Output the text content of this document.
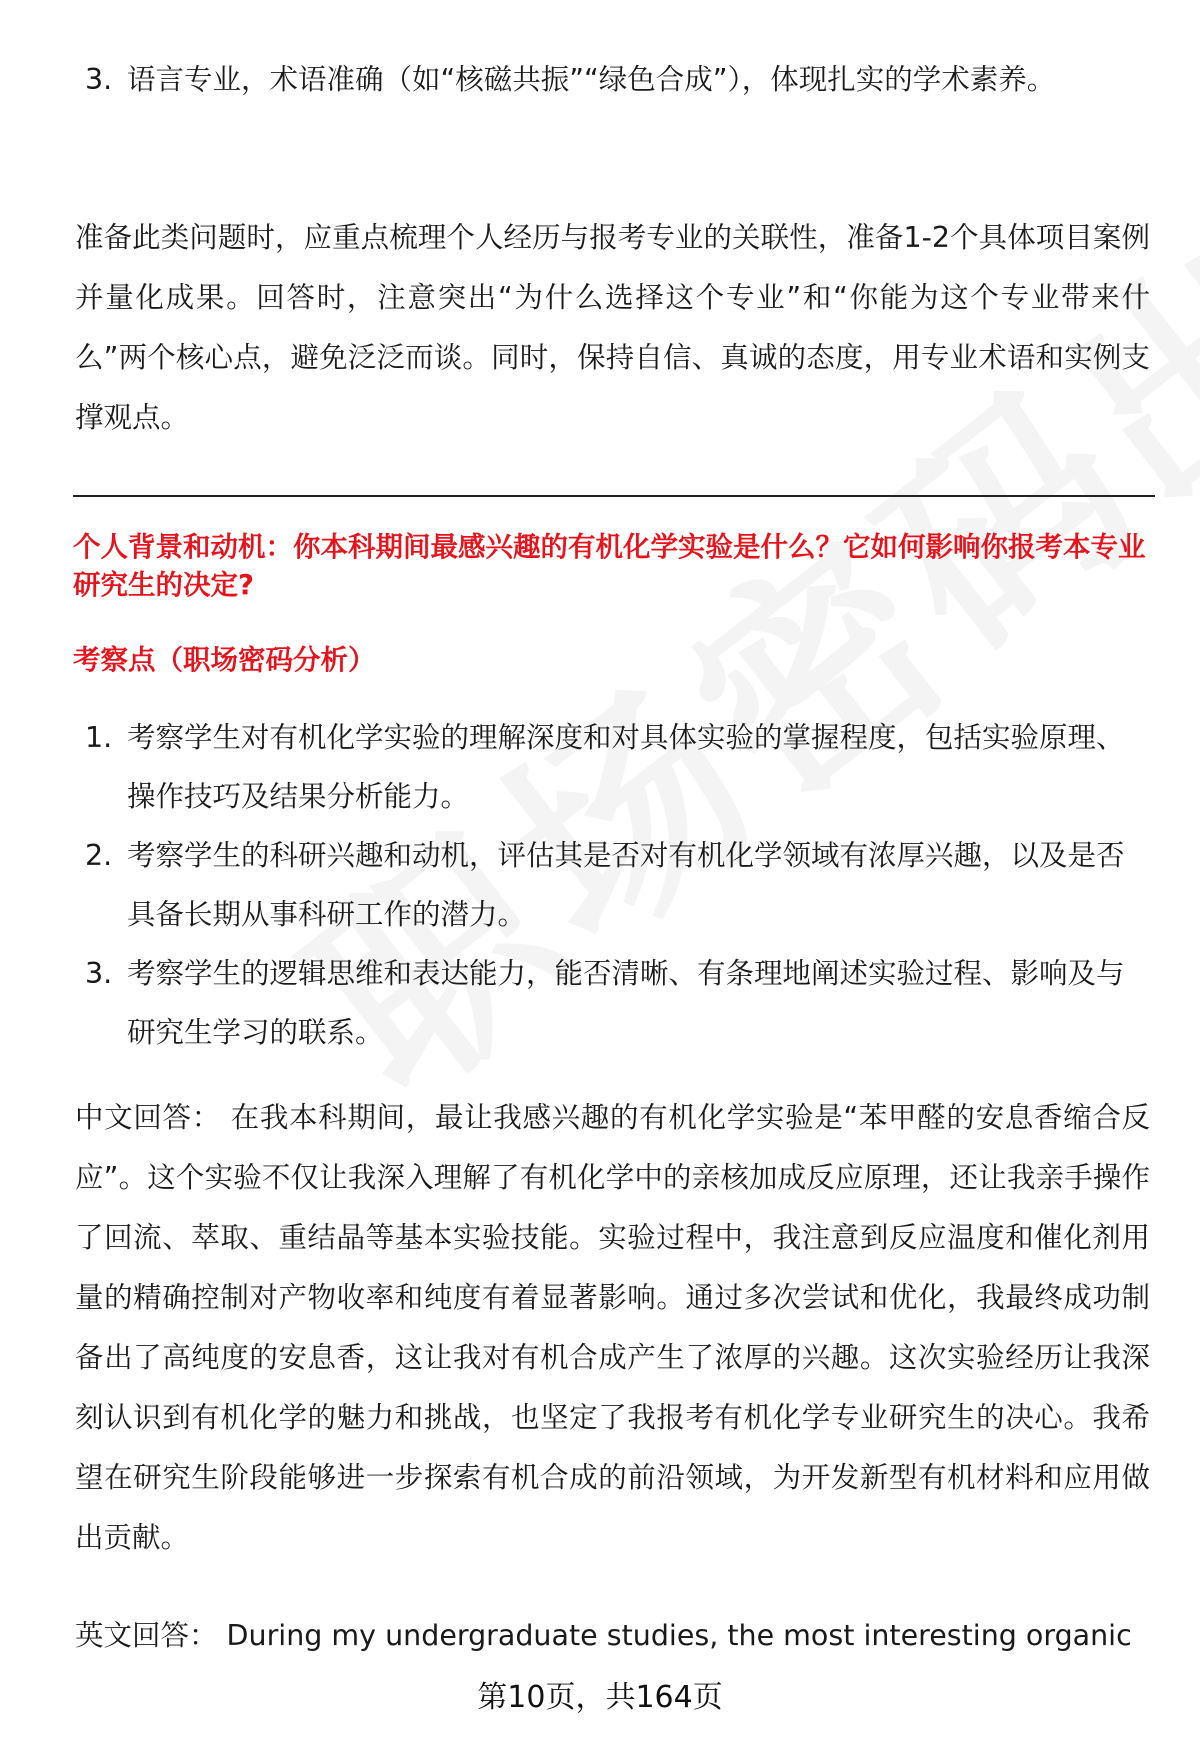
3. 语言专业，术语准确（如“核磁共振”“绿色合成”），体现扎实的学术素养。

准备此类问题时，应重点梳理个人经历与报考专业的关联性，准备1-2个具体项目案例并量化成果。回答时，注意突出“为什么选择这个专业”和“你能为这个专业带来什么”两个核心点，避免泛泛而谈。同时，保持自信、真诚的态度，用专业术语和实例支撑观点。

个人背景和动机：你本科期间最感兴趣的有机化学实验是什么？它如何影响你报考本专业研究生的决定?

考察点（职场密码分析）

1. 考察学生对有机化学实验的理解深度和对具体实验的掌握程度，包括实验原理、操作技巧及结果分析能力。
2. 考察学生的科研兴趣和动机，评估其是否对有机化学领域有浓厚兴趣，以及是否具备长期从事科研工作的潜力。
3. 考察学生的逻辑思维和表达能力，能否清晰、有条理地阐述实验过程、影响及与研究生学习的联系。

中文回答： 在我本科期间，最让我感兴趣的有机化学实验是“苯甲醛的安息香缩合反应”。这个实验不仅让我深入理解了有机化学中的亲核加成反应原理，还让我亲手操作了回流、萃取、重结晶等基本实验技能。实验过程中，我注意到反应温度和催化剂用量的精确控制对产物收率和纯度有着显著影响。通过多次尝试和优化，我最终成功制备出了高纯度的安息香，这让我对有机合成产生了浓厚的兴趣。这次实验经历让我深刻认识到有机化学的魅力和挑战，也坚定了我报考有机化学专业研究生的决心。我希望在研究生阶段能够进一步探索有机合成的前沿领域，为开发新型有机材料和应用做出贡献。

英文回答： During my undergraduate studies, the most interesting organic

第10页，共164页
